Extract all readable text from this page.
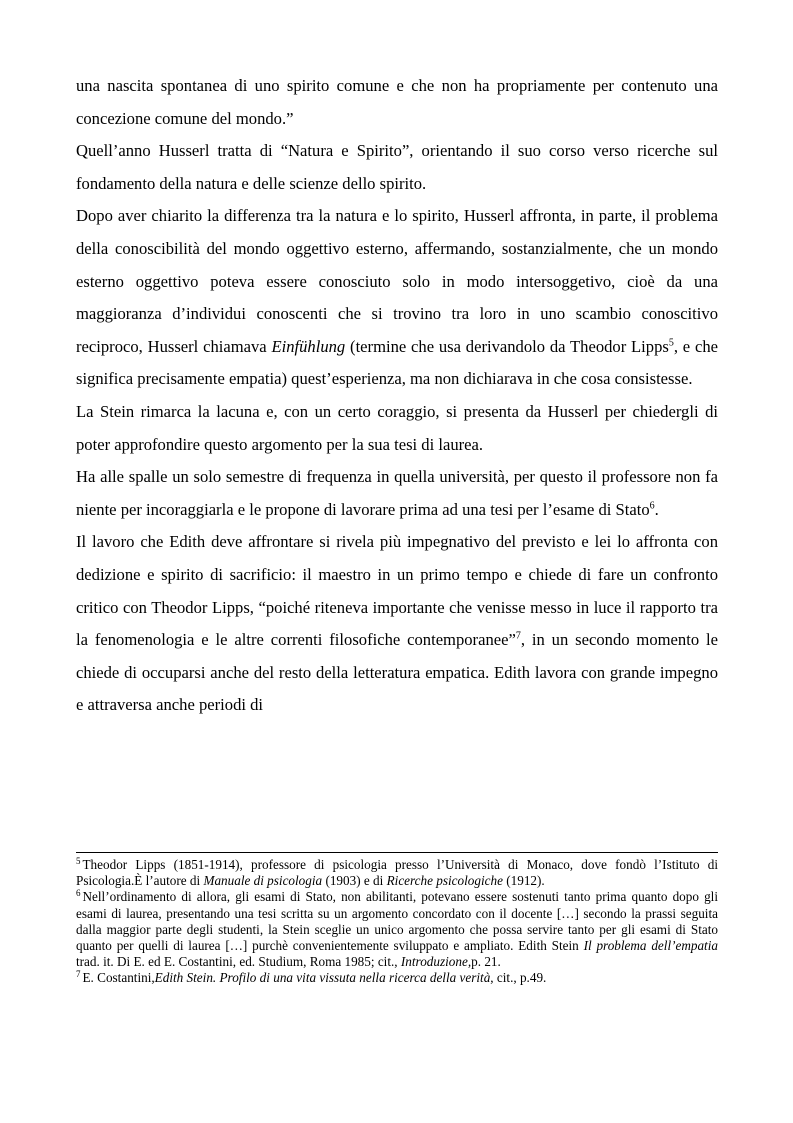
una nascita spontanea di uno spirito comune e che non ha propriamente per contenuto una concezione comune del mondo.”

Quell’anno Husserl tratta di “Natura e Spirito”, orientando il suo corso verso ricerche sul fondamento della natura e delle scienze dello spirito.

Dopo aver chiarito la differenza tra la natura e lo spirito, Husserl affronta, in parte, il problema della conoscibilità del mondo oggettivo esterno, affermando, sostanzialmente, che un mondo esterno oggettivo poteva essere conosciuto solo in modo intersoggetivo, cioè da una maggioranza d’individui conoscenti che si trovino tra loro in uno scambio conoscitivo reciproco, Husserl chiamava Einfühlung (termine che usa derivandolo da Theodor Lipps$^5$, e che significa precisamente empatia) quest’esperienza, ma non dichiarava in che cosa consistesse.

La Stein rimarca la lacuna e, con un certo coraggio, si presenta da Husserl per chiedergli di poter approfondire questo argomento per la sua tesi di laurea.

Ha alle spalle un solo semestre di frequenza in quella università, per questo il professore non fa niente per incoraggiarla e le propone di lavorare prima ad una tesi per l’esame di Stato$^6$.

Il lavoro che Edith deve affrontare si rivela più impegnativo del previsto e lei lo affronta con dedizione e spirito di sacrificio: il maestro in un primo tempo e chiede di fare un confronto critico con Theodor Lipps, “poiché riteneva importante che venisse messo in luce il rapporto tra la fenomenologia e le altre correnti filosofiche contemporanee”$^7$, in un secondo momento le chiede di occuparsi anche del resto della letteratura empatica. Edith lavora con grande impegno e attraversa anche periodi di

$^5$ Theodor Lipps (1851-1914), professore di psicologia presso l’Università di Monaco, dove fondò l’Istituto di Psicologia.È l’autore di Manuale di psicologia (1903) e di Ricerche psicologiche (1912).

$^6$ Nell’ordinamento di allora, gli esami di Stato, non abilitanti, potevano essere sostenuti tanto prima quanto dopo gli esami di laurea, presentando una tesi scritta su un argomento concordato con il docente […] secondo la prassi seguita dalla maggior parte degli studenti, la Stein sceglie un unico argomento che possa servire tanto per gli esami di Stato quanto per quelli di laurea […] purchè convenientemente sviluppato e ampliato. Edith Stein Il problema dell’empatia trad. it. Di E. ed E. Costantini, ed. Studium, Roma 1985; cit., Introduzione,p. 21.

$^7$ E. Costantini,Edith Stein. Profilo di una vita vissuta nella ricerca della verità, cit., p.49.
